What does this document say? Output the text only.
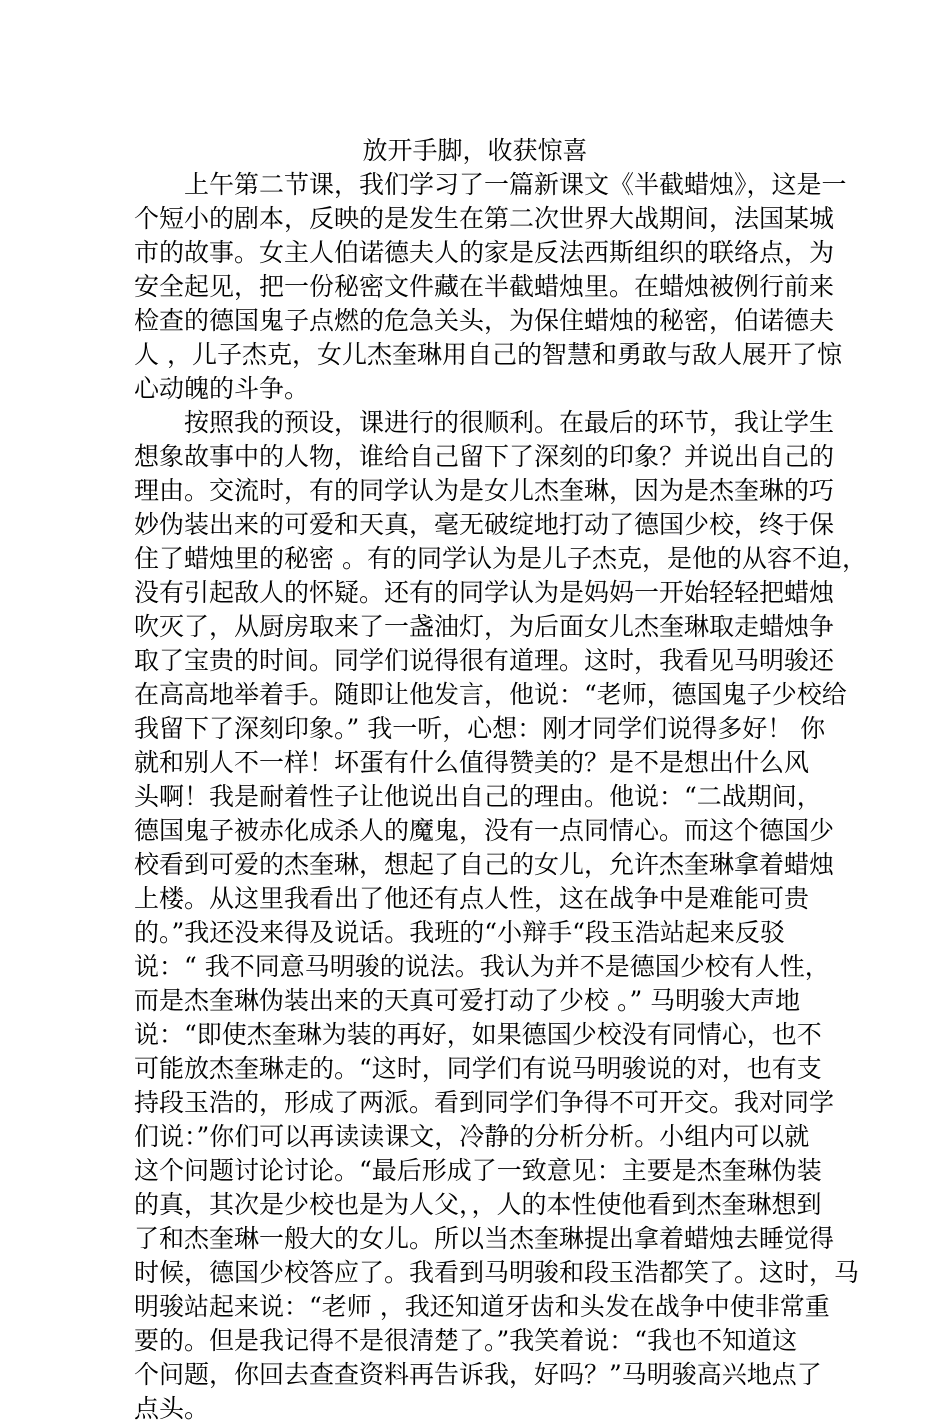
放开手脚，收获惊喜
上午第二节课，我们学习了一篇新课文《半截蜡烛》，这是一
个短小的剧本，反映的是发生在第二次世界大战期间，法国某城
市的故事。女主人伯诺德夫人的家是反法西斯组织的联络点，为
安全起见，把一份秘密文件藏在半截蜡烛里。在蜡烛被例行前来
检查的德国鬼子点燃的危急关头，为保住蜡烛的秘密，伯诺德夫
人 ，儿子杰克，女儿杰奎琳用自己的智慧和勇敢与敌人展开了惊
心动魄的斗争。
按照我的预设，课进行的很顺利。在最后的环节，我让学生
想象故事中的人物，谁给自己留下了深刻的印象？并说出自己的
理由。交流时，有的同学认为是女儿杰奎琳，因为是杰奎琳的巧
妙伪装出来的可爱和天真，毫无破绽地打动了德国少校，终于保
住了蜡烛里的秘密 。有的同学认为是儿子杰克，是他的从容不迫，
没有引起敌人的怀疑。还有的同学认为是妈妈一开始轻轻把蜡烛
吹灭了，从厨房取来了一盏油灯，为后面女儿杰奎琳取走蜡烛争
取了宝贵的时间。同学们说得很有道理。这时，我看见马明骏还
在高高地举着手。随即让他发言，他说：“老师，德国鬼子少校给
我留下了深刻印象。” 我一听，心想：刚才同学们说得多好！ 你
就和别人不一样！坏蛋有什么值得赞美的？是不是想出什么风
头啊！我是耐着性子让他说出自己的理由。他说：“二战期间，
德国鬼子被赤化成杀人的魔鬼，没有一点同情心。而这个德国少
校看到可爱的杰奎琳，想起了自己的女儿，允许杰奎琳拿着蜡烛
上楼。从这里我看出了他还有点人性，这在战争中是难能可贵
的。”我还没来得及说话。我班的“小辩手“段玉浩站起来反驳
说：“ 我不同意马明骏的说法。我认为并不是德国少校有人性，
而是杰奎琳伪装出来的天真可爱打动了少校 。” 马明骏大声地
说：“即使杰奎琳为装的再好，如果德国少校没有同情心，也不
可能放杰奎琳走的。“这时，同学们有说马明骏说的对，也有支
持段玉浩的，形成了两派。看到同学们争得不可开交。我对同学
们说：”你们可以再读读课文，冷静的分析分析。小组内可以就
这个问题讨论讨论。“最后形成了一致意见：主要是杰奎琳伪装
的真，其次是少校也是为人父，，人的本性使他看到杰奎琳想到
了和杰奎琳一般大的女儿。所以当杰奎琳提出拿着蜡烛去睡觉得
时候，德国少校答应了。我看到马明骏和段玉浩都笑了。这时，马
明骏站起来说：“老师 ，我还知道牙齿和头发在战争中使非常重
要的。但是我记得不是很清楚了。”我笑着说：“我也不知道这
个问题，你回去查查资料再告诉我，好吗？”马明骏高兴地点了
点头。
